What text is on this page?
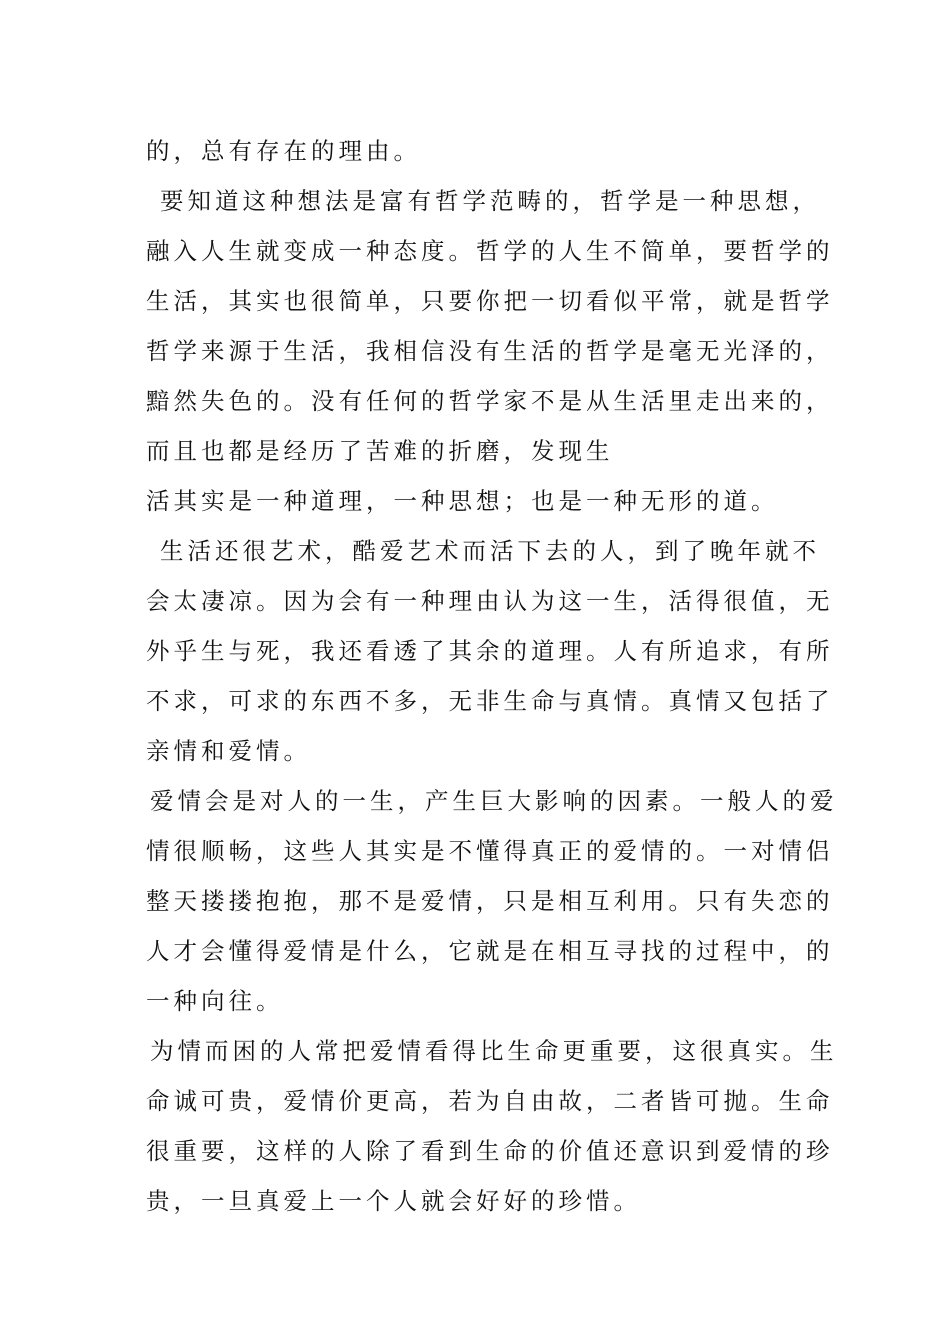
的，总有存在的理由。
要知道这种想法是富有哲学范畴的，哲学是一种思想，
融入人生就变成一种态度。哲学的人生不简单，要哲学的
生活，其实也很简单，只要你把一切看似平常，就是哲学
哲学来源于生活，我相信没有生活的哲学是毫无光泽的，
黯然失色的。没有任何的哲学家不是从生活里走出来的，
而且也都是经历了苦难的折磨，发现生
活其实是一种道理，一种思想；也是一种无形的道。
生活还很艺术，酷爱艺术而活下去的人，到了晚年就不
会太凄凉。因为会有一种理由认为这一生，活得很值，无
外乎生与死，我还看透了其余的道理。人有所追求，有所
不求，可求的东西不多，无非生命与真情。真情又包括了
亲情和爱情。
爱情会是对人的一生，产生巨大影响的因素。一般人的爱
情很顺畅，这些人其实是不懂得真正的爱情的。一对情侣
整天搂搂抱抱，那不是爱情，只是相互利用。只有失恋的
人才会懂得爱情是什么，它就是在相互寻找的过程中，的
一种向往。
为情而困的人常把爱情看得比生命更重要，这很真实。生
命诚可贵，爱情价更高，若为自由故，二者皆可抛。生命
很重要，这样的人除了看到生命的价值还意识到爱情的珍
贵，一旦真爱上一个人就会好好的珍惜。
